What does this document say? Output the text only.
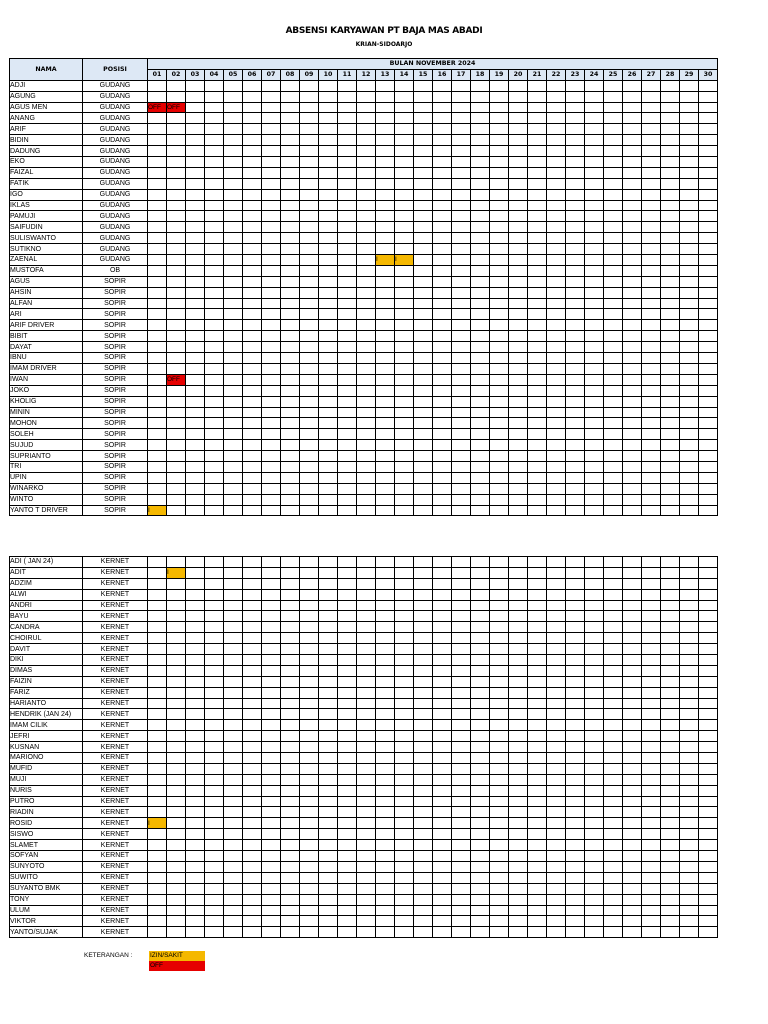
ABSENSI KARYAWAN PT BAJA MAS ABADI
KRIAN-SIDOARJO
NAMA	POSISI	BULAN NOVEMBER 2024																													
		01	02	03	04	05	06	07	08	09	10	11	12	13	14	15	16	17	18	19	20	21	22	23	24	25	26	27	28	29	30
ADJI	GUDANG																														
AGUNG	GUDANG																														
AGUS MEN	GUDANG	OFF	OFF																												
ANANG	GUDANG																														
ARIF	GUDANG																														
BIDIN	GUDANG																														
DADUNG	GUDANG																														
EKO	GUDANG																														
FAIZAL	GUDANG																														
FATIK	GUDANG																														
IGO	GUDANG																														
IKLAS	GUDANG																														
PAMUJI	GUDANG																														
SAIFUDIN	GUDANG																														
SULISWANTO	GUDANG																														
SUTIKNO	GUDANG																														
ZAENAL	GUDANG													I	I																
MUSTOFA	OB																														
AGUS	SOPIR																														
AHSIN	SOPIR																														
ALFAN	SOPIR																														
ARI	SOPIR																														
ARIF DRIVER	SOPIR																														
BIBIT	SOPIR																														
DAYAT	SOPIR																														
IBNU	SOPIR																														
IMAM DRIVER	SOPIR																														
IWAN	SOPIR		OFF																												
JOKO	SOPIR																														
KHOLIG	SOPIR																														
MININ	SOPIR																														
MOHON	SOPIR																														
SOLEH	SOPIR																														
SUJUD	SOPIR																														
SUPRIANTO	SOPIR																														
TRI	SOPIR																														
UPIN	SOPIR																														
WINARKO	SOPIR																														
WINTO	SOPIR																														
YANTO T DRIVER	SOPIR	I																													
ADI ( JAN 24)	KERNET																														
ADIT	KERNET		I																												
ADZIM	KERNET																														
ALWI	KERNET																														
ANDRI	KERNET																														
BAYU	KERNET																														
CANDRA	KERNET																														
CHOIRUL	KERNET																														
DAVIT	KERNET																														
DIKI	KERNET																														
DIMAS	KERNET																														
FAIZIN	KERNET																														
FARIZ	KERNET																														
HARIANTO	KERNET																														
HENDRIK (JAN 24)	KERNET																														
IMAM CILIK	KERNET																														
JEFRI	KERNET																														
KUSNAN	KERNET																														
MARIONO	KERNET																														
MUFID	KERNET																														
MUJI	KERNET																														
NURIS	KERNET																														
PUTRO	KERNET																														
RIADIN	KERNET																														
ROSID	KERNET	I																													
SISWO	KERNET																														
SLAMET	KERNET																														
SOFYAN	KERNET																														
SUNYOTO	KERNET																														
SUWITO	KERNET																														
SUYANTO BMK	KERNET																														
TONY	KERNET																														
ULUM	KERNET																														
VIKTOR	KERNET																														
YANTO/SUJAK	KERNET																														
KETERANGAN :	IZIN/SAKIT
OFF
